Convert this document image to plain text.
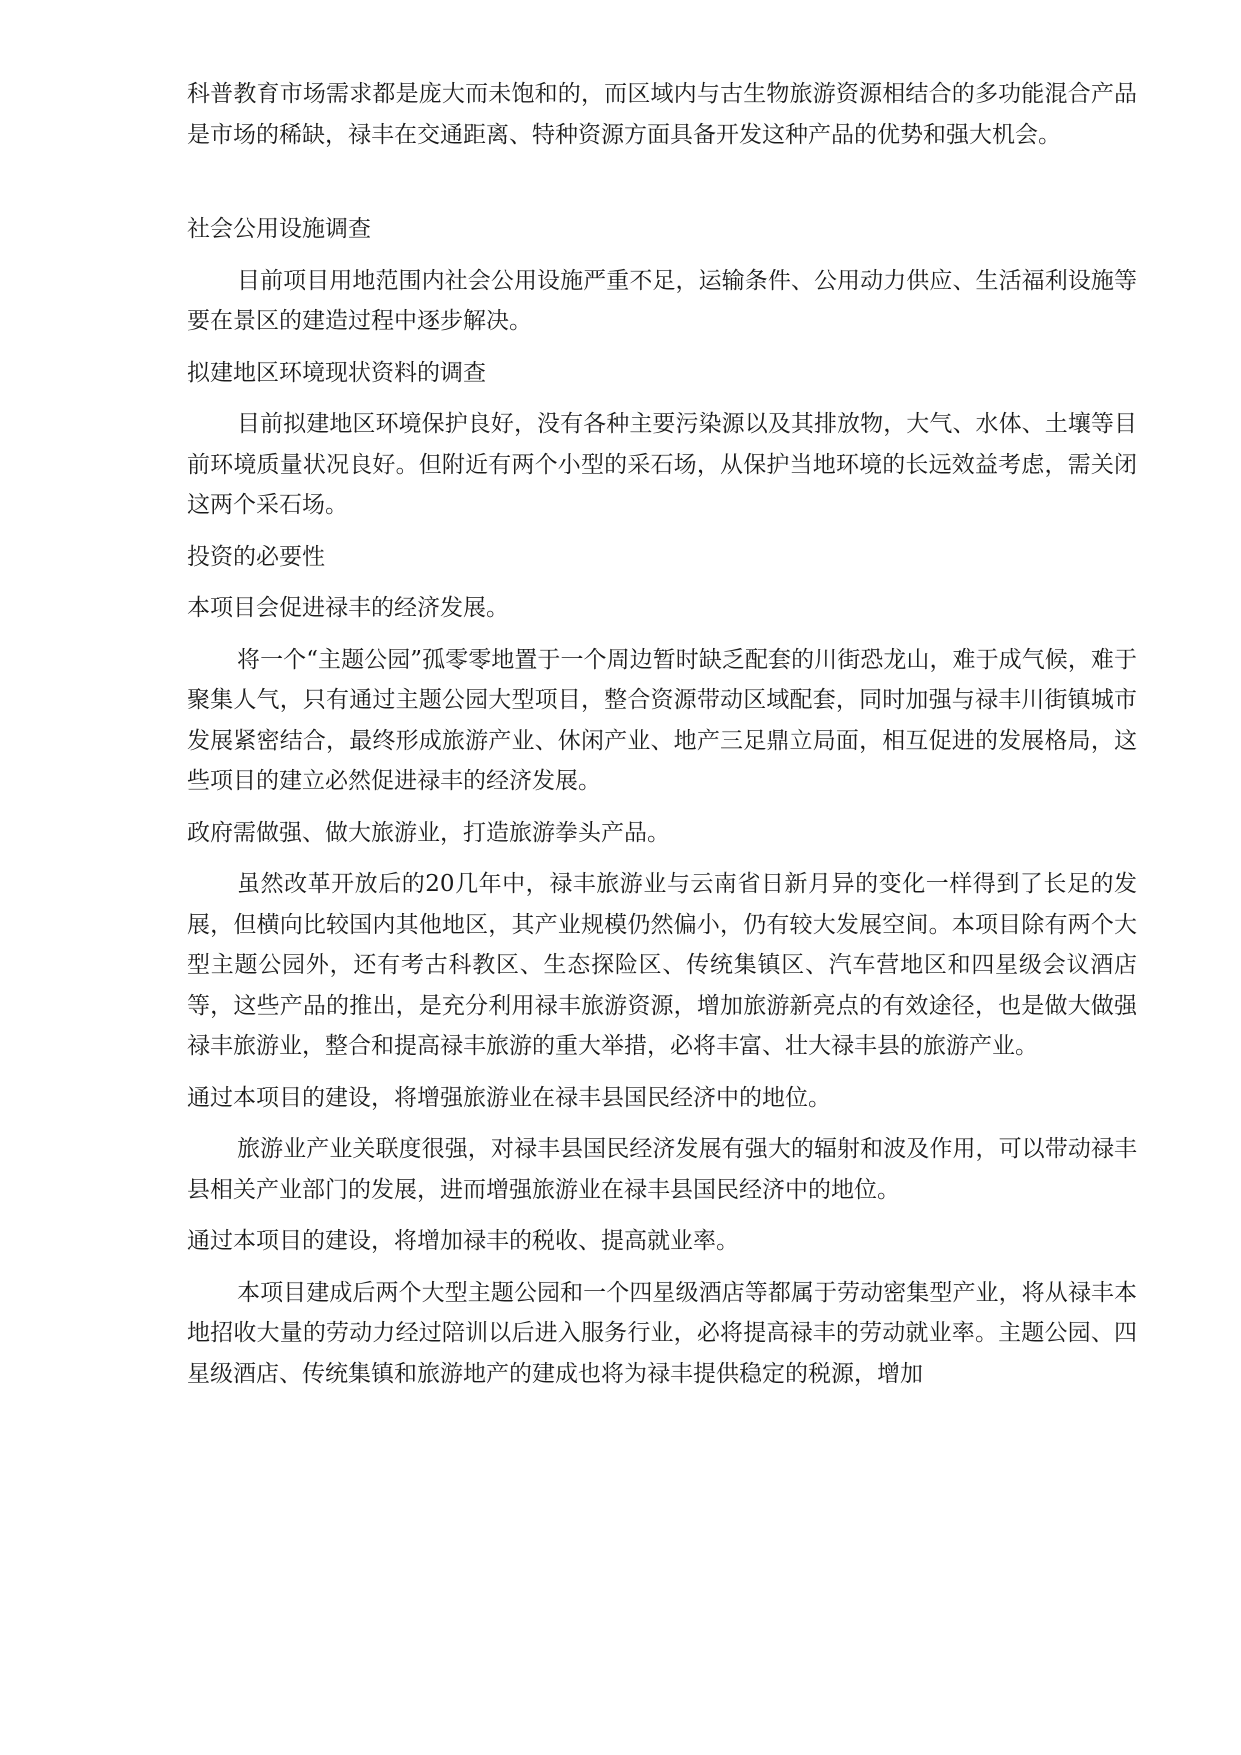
科普教育市场需求都是庞大而未饱和的，而区域内与古生物旅游资源相结合的多功能混合产品是市场的稀缺，禄丰在交通距离、特种资源方面具备开发这种产品的优势和强大机会。

社会公用设施调查

目前项目用地范围内社会公用设施严重不足，运输条件、公用动力供应、生活福利设施等要在景区的建造过程中逐步解决。

拟建地区环境现状资料的调查

目前拟建地区环境保护良好，没有各种主要污染源以及其排放物，大气、水体、土壤等目前环境质量状况良好。但附近有两个小型的采石场，从保护当地环境的长远效益考虑，需关闭这两个采石场。

投资的必要性
本项目会促进禄丰的经济发展。

将一个“主题公园”孤零零地置于一个周边暂时缺乏配套的川街恐龙山，难于成气候，难于聚集人气，只有通过主题公园大型项目，整合资源带动区域配套，同时加强与禄丰川街镇城市发展紧密结合，最终形成旅游产业、休闲产业、地产三足鼎立局面，相互促进的发展格局，这些项目的建立必然促进禄丰的经济发展。

政府需做强、做大旅游业，打造旅游拳头产品。

虽然改革开放后的20几年中，禄丰旅游业与云南省日新月异的变化一样得到了长足的发展，但横向比较国内其他地区，其产业规模仍然偏小，仍有较大发展空间。本项目除有两个大型主题公园外，还有考古科教区、生态探险区、传统集镇区、汽车营地区和四星级会议酒店等，这些产品的推出，是充分利用禄丰旅游资源，增加旅游新亮点的有效途径，也是做大做强禄丰旅游业，整合和提高禄丰旅游的重大举措，必将丰富、壮大禄丰县的旅游产业。

通过本项目的建设，将增强旅游业在禄丰县国民经济中的地位。

旅游业产业关联度很强，对禄丰县国民经济发展有强大的辐射和波及作用，可以带动禄丰县相关产业部门的发展，进而增强旅游业在禄丰县国民经济中的地位。

通过本项目的建设，将增加禄丰的税收、提高就业率。

本项目建成后两个大型主题公园和一个四星级酒店等都属于劳动密集型产业，将从禄丰本地招收大量的劳动力经过陪训以后进入服务行业，必将提高禄丰的劳动就业率。主题公园、四星级酒店、传统集镇和旅游地产的建成也将为禄丰提供稳定的税源，增加
